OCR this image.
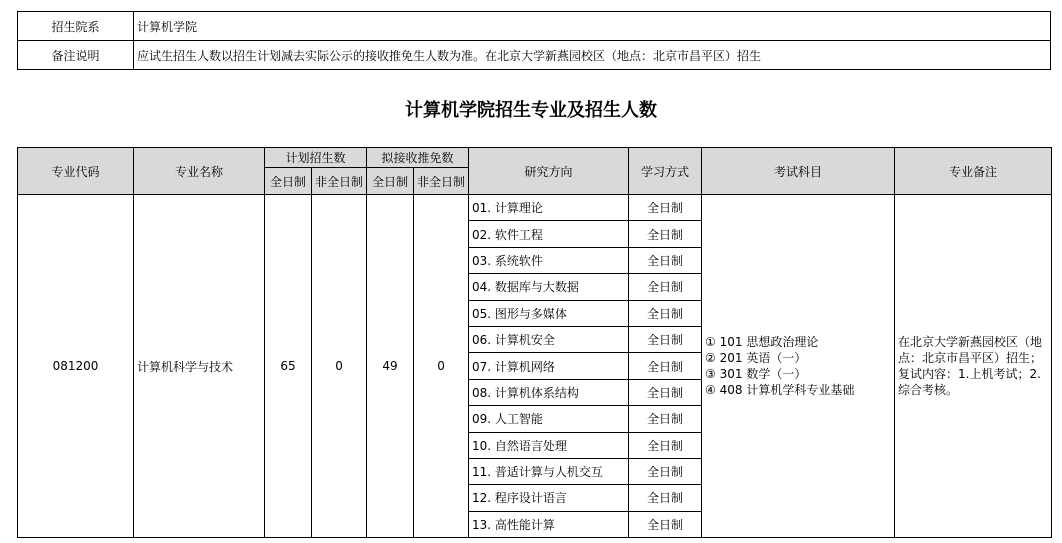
招生院系	计算机学院
备注说明	应试生招生人数以招生计划减去实际公示的接收推免生人数为准。在北京大学新燕园校区（地点：北京市昌平区）招生
计算机学院招生专业及招生人数
专业代码	专业名称	计划招生数		拟接收推免数		研究方向	学习方式	考试科目	专业备注
		全日制	非全日制	全日制	非全日制				
081200	计算机科学与技术	65	0	49	0	01. 计算理论	全日制	① 101 思想政治理论
② 201 英语（一）
③ 301 数学（一）
④ 408 计算机学科专业基础	在北京大学新燕园校区（地点：北京市昌平区）招生；复试内容：1.上机考试；2.综合考核。

						02. 软件工程	全日制		
						03. 系统软件	全日制		
						04. 数据库与大数据	全日制		
						05. 图形与多媒体	全日制		
						06. 计算机安全	全日制		
						07. 计算机网络	全日制		
						08. 计算机体系结构	全日制		
						09. 人工智能	全日制		
						10. 自然语言处理	全日制		
						11. 普适计算与人机交互	全日制		
						12. 程序设计语言	全日制		
						13. 高性能计算	全日制		
